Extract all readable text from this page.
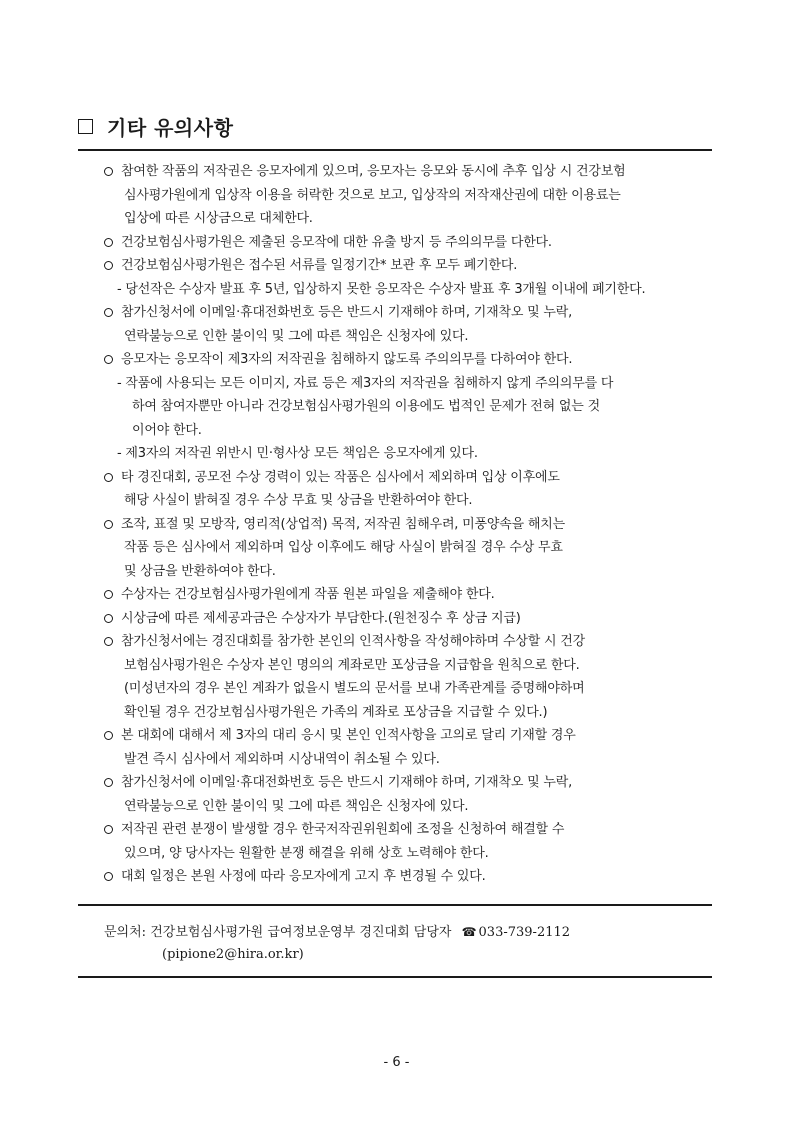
기타 유의사항
참여한 작품의 저작권은 응모자에게 있으며, 응모자는 응모와 동시에 추후 입상 시 건강보험
심사평가원에게 입상작 이용을 허락한 것으로 보고, 입상작의 저작재산권에 대한 이용료는
입상에 따른 시상금으로 대체한다.
건강보험심사평가원은 제출된 응모작에 대한 유출 방지 등 주의의무를 다한다.
건강보험심사평가원은 접수된 서류를 일정기간* 보관 후 모두 폐기한다.
- 당선작은 수상자 발표 후 5년, 입상하지 못한 응모작은 수상자 발표 후 3개월 이내에 폐기한다.
참가신청서에 이메일·휴대전화번호 등은 반드시 기재해야 하며, 기재착오 및 누락,
연락불능으로 인한 불이익 및 그에 따른 책임은 신청자에 있다.
응모자는 응모작이 제3자의 저작권을 침해하지 않도록 주의의무를 다하여야 한다.
- 작품에 사용되는 모든 이미지, 자료 등은 제3자의 저작권을 침해하지 않게 주의의무를 다
하여 참여자뿐만 아니라 건강보험심사평가원의 이용에도 법적인 문제가 전혀 없는 것
이어야 한다.
- 제3자의 저작권 위반시 민·형사상 모든 책임은 응모자에게 있다.
타 경진대회, 공모전 수상 경력이 있는 작품은 심사에서 제외하며 입상 이후에도
해당 사실이 밝혀질 경우 수상 무효 및 상금을 반환하여야 한다.
조작, 표절 및 모방작, 영리적(상업적) 목적, 저작권 침해우려, 미풍양속을 해치는
작품 등은 심사에서 제외하며 입상 이후에도 해당 사실이 밝혀질 경우 수상 무효
및 상금을 반환하여야 한다.
수상자는 건강보험심사평가원에게 작품 원본 파일을 제출해야 한다.
시상금에 따른 제세공과금은 수상자가 부담한다.(원천징수 후 상금 지급)
참가신청서에는 경진대회를 참가한 본인의 인적사항을 작성해야하며 수상할 시 건강
보험심사평가원은 수상자 본인 명의의 계좌로만 포상금을 지급함을 원칙으로 한다.
(미성년자의 경우 본인 계좌가 없을시 별도의 문서를 보내 가족관계를 증명해야하며
확인될 경우 건강보험심사평가원은 가족의 계좌로 포상금을 지급할 수 있다.)
본 대회에 대해서 제 3자의 대리 응시 및 본인 인적사항을 고의로 달리 기재할 경우
발견 즉시 심사에서 제외하며 시상내역이 취소될 수 있다.
참가신청서에 이메일·휴대전화번호 등은 반드시 기재해야 하며, 기재착오 및 누락,
연락불능으로 인한 불이익 및 그에 따른 책임은 신청자에 있다.
저작권 관련 분쟁이 발생할 경우 한국저작권위원회에 조정을 신청하여 해결할 수
있으며, 양 당사자는 원활한 분쟁 해결을 위해 상호 노력해야 한다.
대회 일정은 본원 사정에 따라 응모자에게 고지 후 변경될 수 있다.
문의처: 건강보험심사평가원 급여정보운영부 경진대회 담당자 ☎ 033-739-2112
(pipione2@hira.or.kr)
- 6 -
